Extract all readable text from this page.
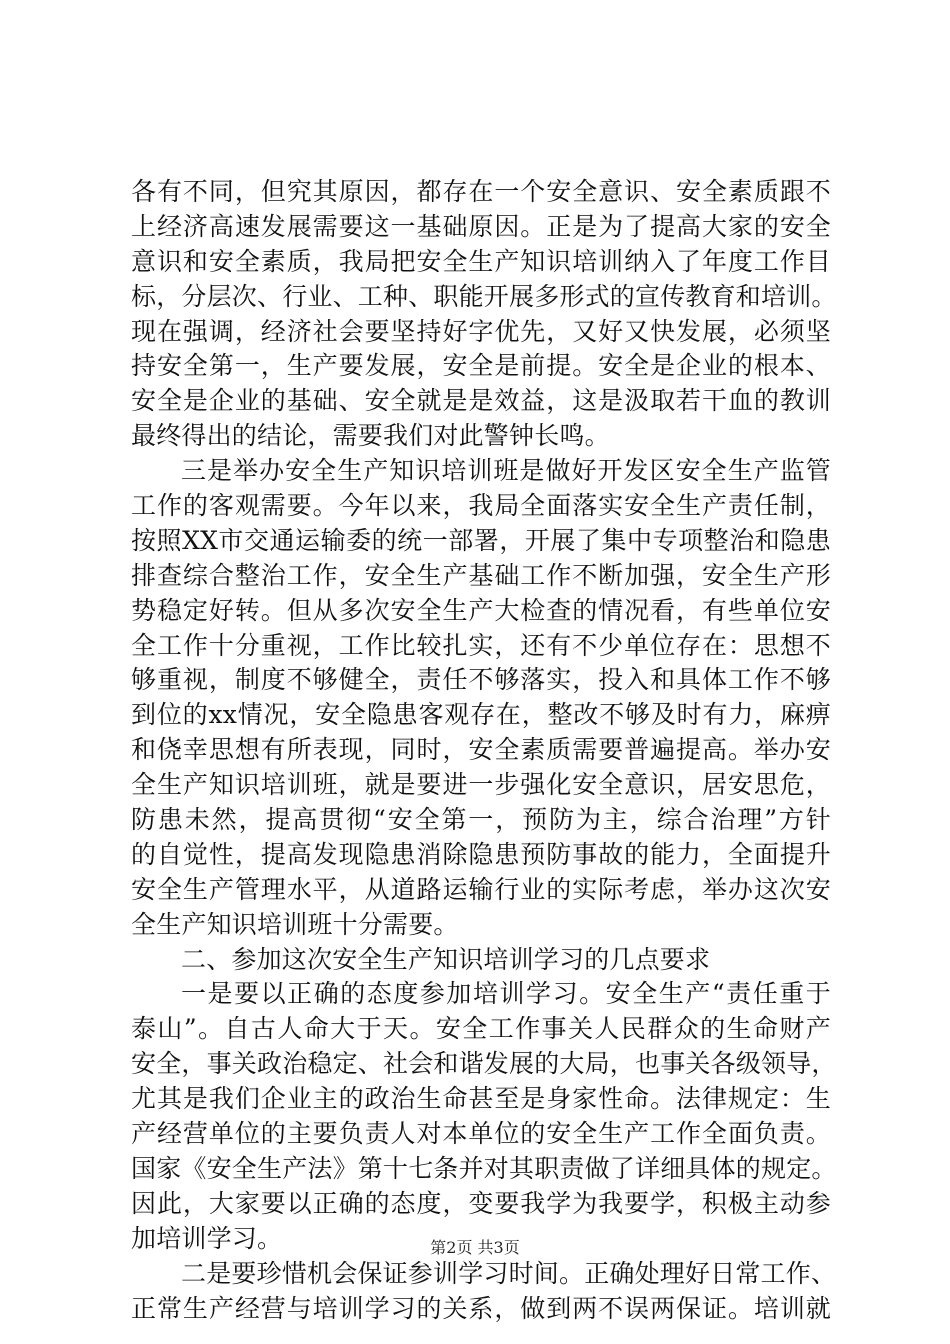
各有不同，但究其原因，都存在一个安全意识、安全素质跟不
上经济高速发展需要这一基础原因。正是为了提高大家的安全
意识和安全素质，我局把安全生产知识培训纳入了年度工作目
标，分层次、行业、工种、职能开展多形式的宣传教育和培训。
现在强调，经济社会要坚持好字优先，又好又快发展，必须坚
持安全第一，生产要发展，安全是前提。安全是企业的根本、
安全是企业的基础、安全就是是效益，这是汲取若干血的教训
最终得出的结论，需要我们对此警钟长鸣。
三是举办安全生产知识培训班是做好开发区安全生产监管
工作的客观需要。今年以来，我局全面落实安全生产责任制，
按照XX市交通运输委的统一部署，开展了集中专项整治和隐患
排查综合整治工作，安全生产基础工作不断加强，安全生产形
势稳定好转。但从多次安全生产大检查的情况看，有些单位安
全工作十分重视，工作比较扎实，还有不少单位存在：思想不
够重视，制度不够健全，责任不够落实，投入和具体工作不够
到位的xx情况，安全隐患客观存在，整改不够及时有力，麻痹
和侥幸思想有所表现，同时，安全素质需要普遍提高。举办安
全生产知识培训班，就是要进一步强化安全意识，居安思危，
防患未然，提高贯彻“安全第一，预防为主，综合治理”方针
的自觉性，提高发现隐患消除隐患预防事故的能力，全面提升
安全生产管理水平，从道路运输行业的实际考虑，举办这次安
全生产知识培训班十分需要。
二、参加这次安全生产知识培训学习的几点要求
一是要以正确的态度参加培训学习。安全生产“责任重于
泰山”。自古人命大于天。安全工作事关人民群众的生命财产
安全，事关政治稳定、社会和谐发展的大局，也事关各级领导，
尤其是我们企业主的政治生命甚至是身家性命。法律规定：生
产经营单位的主要负责人对本单位的安全生产工作全面负责。
国家《安全生产法》第十七条并对其职责做了详细具体的规定。
因此，大家要以正确的态度，变要我学为我要学，积极主动参
加培训学习。
二是要珍惜机会保证参训学习时间。正确处理好日常工作、
正常生产经营与培训学习的关系，做到两不误两保证。培训就
第2页 共3页
